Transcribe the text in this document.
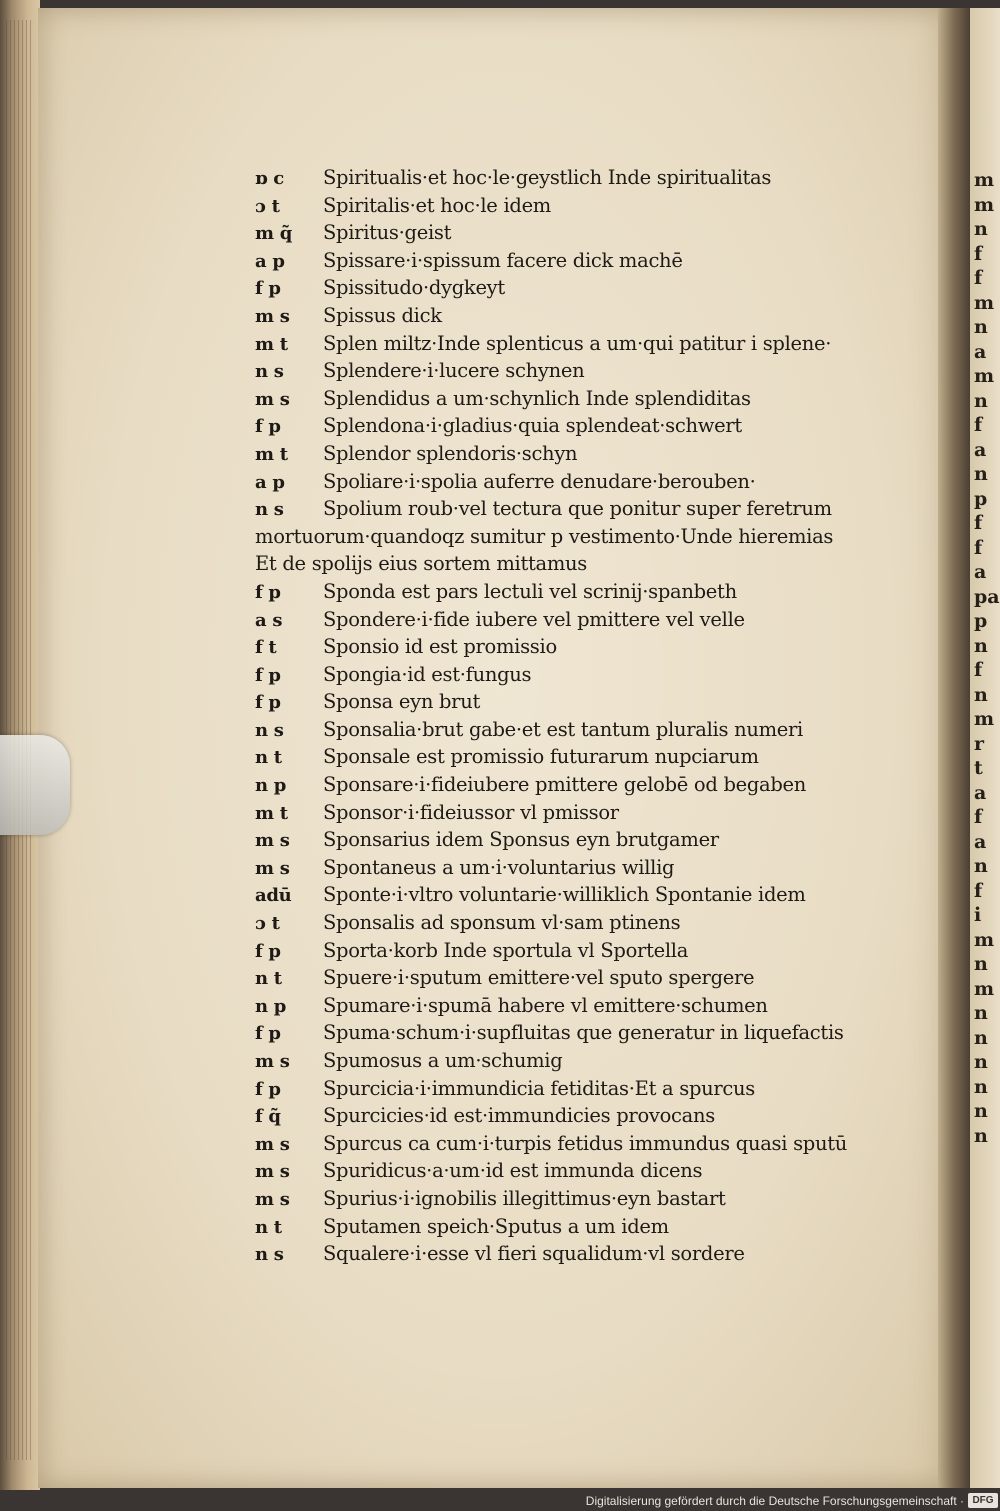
m
m
n
f
f
m
n
a
m
n
f
a
n
p
f
f
a
pa
p
n
f
n
m
r
t
a
f
a
n
f
i
m
n
m
n
n
n
n
n
n
ɒ c Spiritualis·et hoc·le·geystlich Inde spiritualitas
ɔ t Spiritalis·et hoc·le idem
m q̃ Spiritus·geist
a p Spissare·i·spissum facere dick machē
f p Spissitudo·dygkeyt
m s Spissus dick
m t Splen miltz·Inde splenticus a um·qui patitur i splene·
n s Splendere·i·lucere schynen
m s Splendidus a um·schynlich Inde splendiditas
f p Splendona·i·gladius·quia splendeat·schwert
m t Splendor splendoris·schyn
a p Spoliare·i·spolia auferre denudare·berouben·
n s Spolium roub·vel tectura que ponitur super feretrum
mortuorum·quandoqz sumitur p vestimento·Unde hieremias
Et de spolijs eius sortem mittamus
f p Sponda est pars lectuli vel scrinij·spanbeth
a s Spondere·i·fide iubere vel pmittere vel velle
f t Sponsio id est promissio
f p Spongia·id est·fungus
f p Sponsa eyn brut
n s Sponsalia·brut gabe·et est tantum pluralis numeri
n t Sponsale est promissio futurarum nupciarum
n p Sponsare·i·fideiubere pmittere gelobē od begaben
m t Sponsor·i·fideiussor vl pmissor
m s Sponsarius idem Sponsus eyn brutgamer
m s Spontaneus a um·i·voluntarius willig
adū Sponte·i·vltro voluntarie·williklich Spontanie idem
ɔ t Sponsalis ad sponsum vl·sam ptinens
f p Sporta·korb Inde sportula vl Sportella
n t Spuere·i·sputum emittere·vel sputo spergere
n p Spumare·i·spumā habere vl emittere·schumen
f p Spuma·schum·i·supfluitas que generatur in liquefactis
m s Spumosus a um·schumig
f p Spurcicia·i·immundicia fetiditas·Et a spurcus
f q̃ Spurcicies·id est·immundicies provocans
m s Spurcus ca cum·i·turpis fetidus immundus quasi sputū
m s Spuridicus·a·um·id est immunda dicens
m s Spurius·i·ignobilis illegittimus·eyn bastart
n t Sputamen speich·Sputus a um idem
n s Squalere·i·esse vl fieri squalidum·vl sordere
Digitalisierung gefördert durch die Deutsche Forschungsgemeinschaft · DFG
